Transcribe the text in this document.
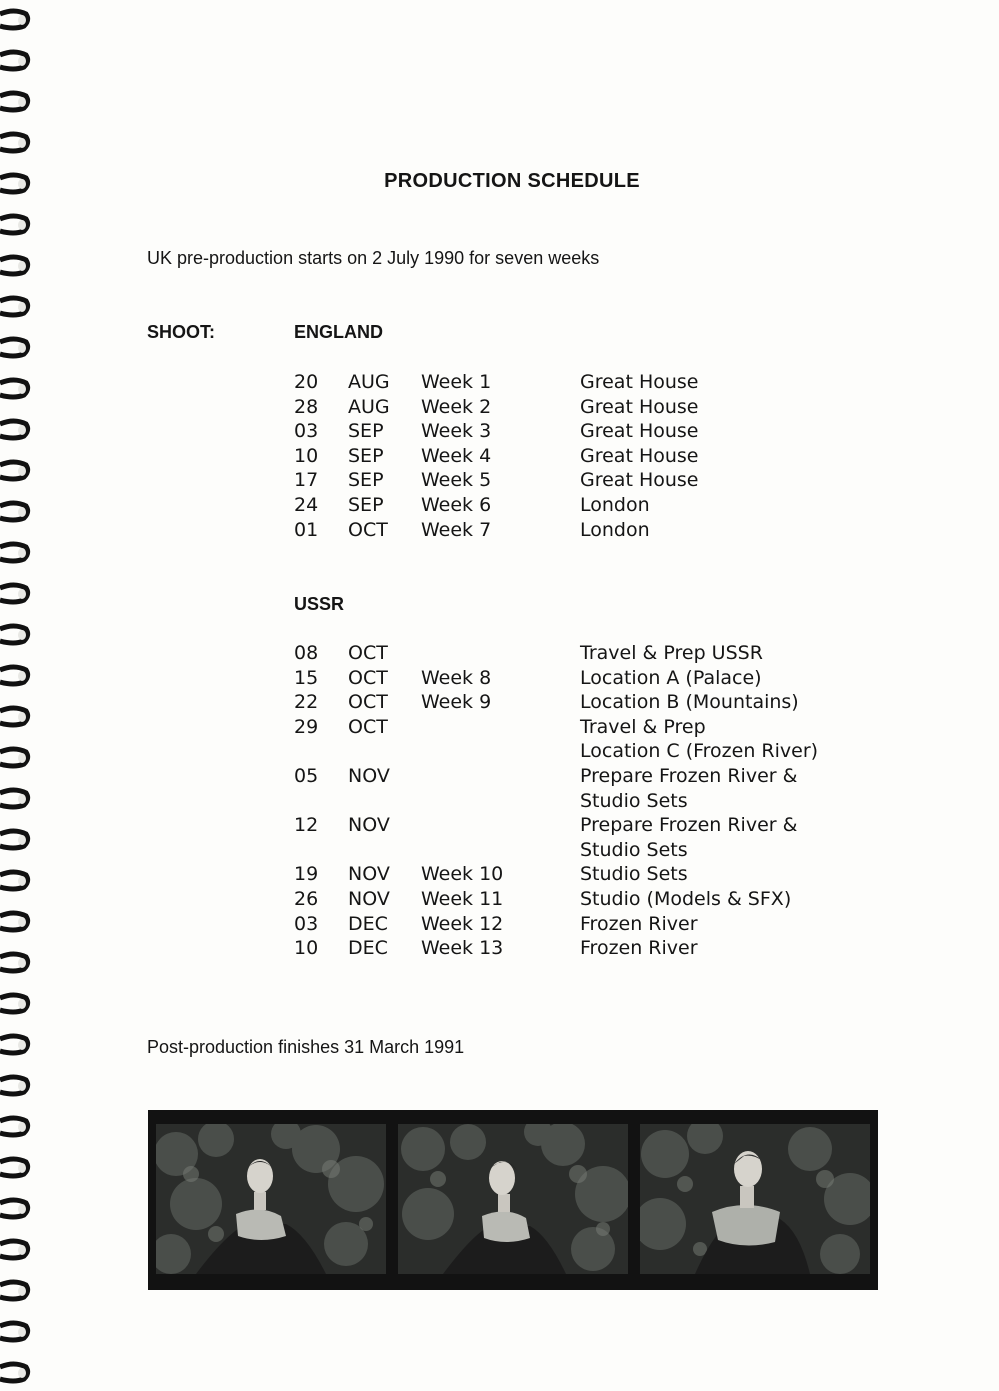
PRODUCTION SCHEDULE
UK pre-production starts on 2 July 1990 for seven weeks
SHOOT:	ENGLAND
20 AUG Week 1	Great House
28 AUG Week 2	Great House
03 SEP Week 3	Great House
10 SEP Week 4	Great House
17 SEP Week 5	Great House
24 SEP Week 6	London
01 OCT Week 7	London
USSR
08 OCT	Travel & Prep USSR
15 OCT Week 8	Location A (Palace)
22 OCT Week 9	Location B (Mountains)
29 OCT	Travel & Prep
Location C (Frozen River)
05 NOV	Prepare Frozen River &
Studio Sets
12 NOV	Prepare Frozen River &
Studio Sets
19 NOV Week 10	Studio Sets
26 NOV Week 11	Studio (Models & SFX)
03 DEC Week 12	Frozen River
10 DEC Week 13	Frozen River
Post-production finishes 31 March 1991
